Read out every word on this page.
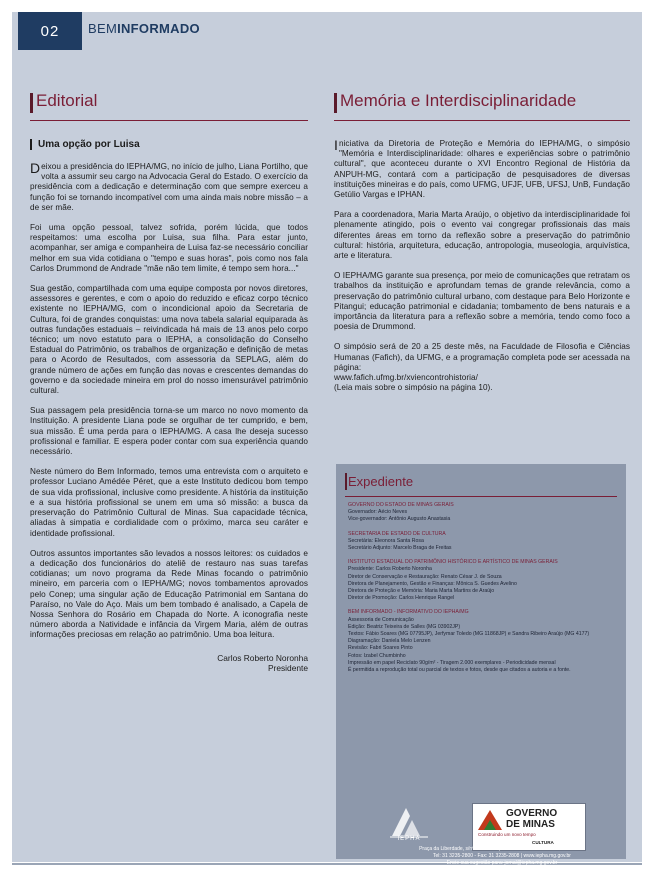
02	BEMINFORMADO
Editorial
Uma opção por Luisa
Deixou a presidência do IEPHA/MG, no início de julho, Liana Portilho, que volta a assumir seu cargo na Advocacia Geral do Estado. O exercício da presidência com a dedicação e determinação com que sempre exerceu a função foi se tornando incompatível com uma ainda mais nobre missão – a de ser mãe.
Foi uma opção pessoal, talvez sofrida, porém lúcida, que todos respeitamos: uma escolha por Luisa, sua filha. Para estar junto, acompanhar, ser amiga e companheira de Luisa faz-se necessário conciliar melhor em sua vida cotidiana o "tempo e suas horas", pois como nos fala Carlos Drummond de Andrade "mãe não tem limite, é tempo sem hora..."
Sua gestão, compartilhada com uma equipe composta por novos diretores, assessores e gerentes, e com o apoio do reduzido e eficaz corpo técnico existente no IEPHA/MG, com o incondicional apoio da Secretaria de Cultura, foi de grandes conquistas: uma nova tabela salarial equiparada às outras fundações estaduais – reivindicada há mais de 13 anos pelo corpo técnico; um novo estatuto para o IEPHA, a consolidação do Conselho Estadual do Patrimônio, os trabalhos de organização e definição de metas para o Acordo de Resultados, com assessoria da SEPLAG, além do grande número de ações em função das novas e crescentes demandas do governo e da sociedade mineira em prol do nosso imensurável patrimônio cultural.
Sua passagem pela presidência torna-se um marco no novo momento da Instituição. A presidente Liana pode se orgulhar de ter cumprido, e bem, sua missão. É uma perda para o IEPHA/MG. A casa lhe deseja sucesso profissional e familiar. E espera poder contar com sua experiência quando necessário.
Neste número do Bem Informado, temos uma entrevista com o arquiteto e professor Luciano Amédée Péret, que a este Instituto dedicou bom tempo de sua vida profissional, inclusive como presidente. A história da instituição e a sua história profissional se unem em uma só missão: a busca da preservação do Patrimônio Cultural de Minas. Sua capacidade técnica, aliadas à simpatia e cordialidade com o próximo, marca seu caráter e identidade profissional.
Outros assuntos importantes são levados a nossos leitores: os cuidados e a dedicação dos funcionários do ateliê de restauro nas suas tarefas cotidianas; um novo programa da Rede Minas focando o patrimônio mineiro, em parceria com o IEPHA/MG; novos tombamentos aprovados pelo Conep; uma singular ação de Educação Patrimonial em Santana do Paraíso, no Vale do Aço. Mais um bem tombado é analisado, a Capela de Nossa Senhora do Rosário em Chapada do Norte. A iconografia neste número aborda a Natividade e infância da Virgem Maria, além de outras informações preciosas em relação ao patrimônio. Uma boa leitura.
Carlos Roberto Noronha
Presidente
Memória e Interdisciplinaridade
Iniciativa da Diretoria de Proteção e Memória do IEPHA/MG, o simpósio "Memória e Interdisciplinaridade: olhares e experiências sobre o patrimônio cultural", que aconteceu durante o XVI Encontro Regional de História da ANPUH-MG, contará com a participação de pesquisadores de diversas instituições mineiras e do país, como UFMG, UFJF, UFB, UFSJ, UnB, Fundação Getúlio Vargas e IPHAN.
Para a coordenadora, Maria Marta Araújo, o objetivo da interdisciplinaridade foi plenamente atingido, pois o evento vai congregar profissionais das mais diferentes áreas em torno da reflexão sobre a preservação do patrimônio cultural: história, arquitetura, educação, antropologia, museologia, arquivística, arte e literatura.
O IEPHA/MG garante sua presença, por meio de comunicações que retratam os trabalhos da instituição e aprofundam temas de grande relevância, como a preservação do patrimônio cultural urbano, com destaque para Belo Horizonte e Pitangui; educação patrimonial e cidadania; tombamento de bens naturais e a importância da literatura para a reflexão sobre a memória, tendo como foco a poesia de Drummond.
O simpósio será de 20 a 25 deste mês, na Faculdade de Filosofia e Ciências Humanas (Fafich), da UFMG, e a programação completa pode ser acessada na página:
www.fafich.ufmg.br/xviencontrohistoria/
(Leia mais sobre o simpósio na página 10).
Expediente
GOVERNO DO ESTADO DE MINAS GERAIS
Governador: Aécio Neves
Vice-governador: Antônio Augusto Anastasia
SECRETARIA DE ESTADO DE CULTURA
Secretária: Eleonora Santa Rosa
Secretário Adjunto: Marcelo Braga de Freitas
INSTITUTO ESTADUAL DO PATRIMÔNIO HISTÓRICO E ARTÍSTICO DE MINAS GERAIS
Presidente: Carlos Roberto Noronha
Diretor de Conservação e Restauração: Renato César J. de Souza
Diretora de Planejamento, Gestão e Finanças: Mônica S. Guedes Avelino
Diretora de Proteção e Memória: Maria Marta Martins de Araújo
Diretor de Promoção: Carlos Henrique Rangel
BEM INFORMADO - INFORMATIVO DO IEPHA/MG
Assessoria de Comunicação
Edição: Beatriz Teixeira de Salles (MG 03902JP)
Textos: Fábio Soares (MG 07795JP), Jerfymar Toledo (MG 11868JP) e Sandra Ribeiro Araújo (MG 4177)
Diagramação: Daniela Melo Lenzen
Revisão: Fabri Soares Pinto
Fotos: Izabel Chumbinho
Impressão em papel Reciclato 90g/m² - Tiragem 2.000 exemplares - Periodicidade mensal
É permitida a reprodução total ou parcial de textos e fotos, desde que citados a autoria e a fonte.
IEPHA
GOVERNO
DE MINAS
Construindo um novo tempo
CULTURA
Praça da Liberdade, s/nº - 4º andar | CEP: 30140-010 Belo Horizonte - MG
Tel: 31 3235-2800 - Fax: 31 3235-2808 | www.iepha.mg.gov.br
Envie sua sugestão para: jornal@iepha.mg.gov.br
